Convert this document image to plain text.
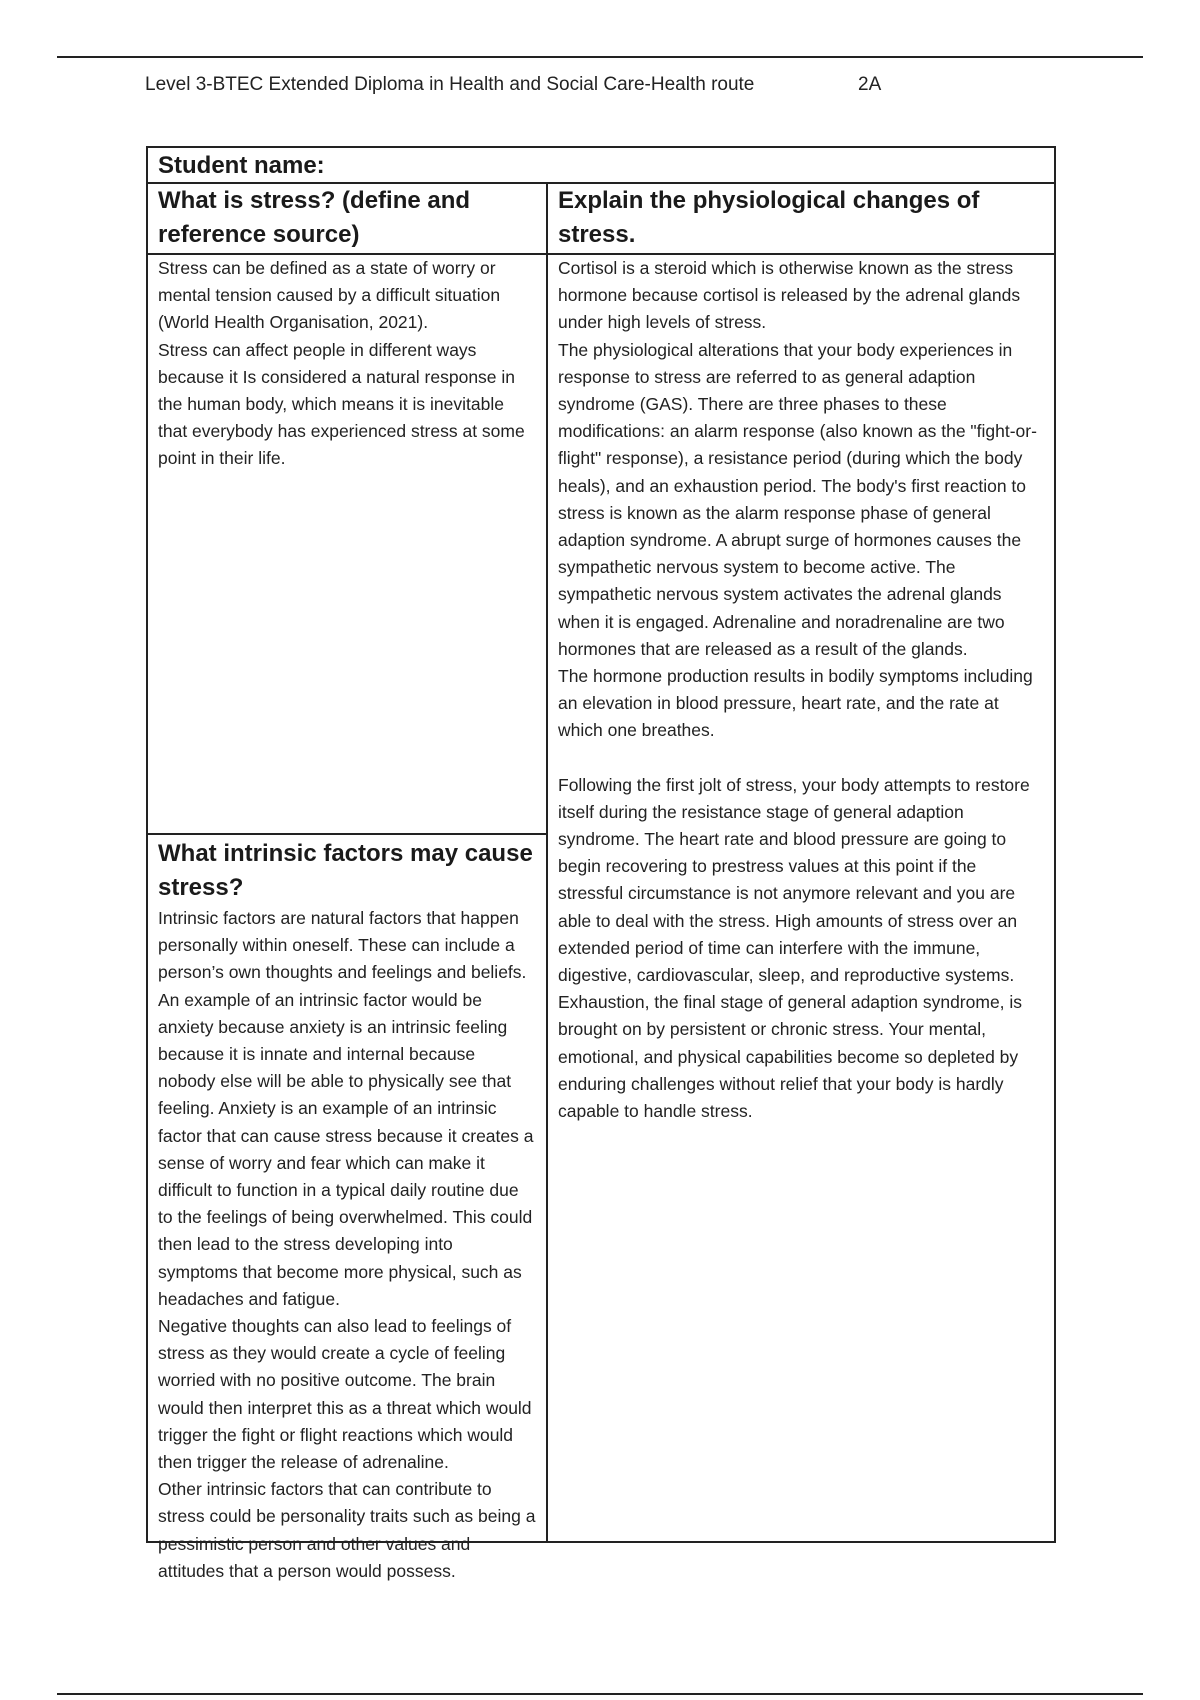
Level 3-BTEC Extended Diploma in Health and Social Care-Health route	2A
Student name:
What is stress? (define and reference source)

Stress can be defined as a state of worry or mental tension caused by a difficult situation (World Health Organisation, 2021).

Stress can affect people in different ways because it Is considered a natural response in the human body, which means it is inevitable that everybody has experienced stress at some point in their life.

What intrinsic factors may cause stress?

Intrinsic factors are natural factors that happen personally within oneself. These can include a person’s own thoughts and feelings and beliefs. An example of an intrinsic factor would be anxiety because anxiety is an intrinsic feeling because it is innate and internal because nobody else will be able to physically see that feeling. Anxiety is an example of an intrinsic factor that can cause stress because it creates a sense of worry and fear which can make it difficult to function in a typical daily routine due to the feelings of being overwhelmed. This could then lead to the stress developing into symptoms that become more physical, such as headaches and fatigue.

Negative thoughts can also lead to feelings of stress as they would create a cycle of feeling worried with no positive outcome. The brain would then interpret this as a threat which would trigger the fight or flight reactions which would then trigger the release of adrenaline.

Other intrinsic factors that can contribute to stress could be personality traits such as being a pessimistic person and other values and attitudes that a person would possess.

Explain the physiological changes of stress.

Cortisol is a steroid which is otherwise known as the stress hormone because cortisol is released by the adrenal glands under high levels of stress.

The physiological alterations that your body experiences in response to stress are referred to as general adaption syndrome (GAS). There are three phases to these modifications: an alarm response (also known as the "fight-or-flight" response), a resistance period (during which the body heals), and an exhaustion period. The body's first reaction to stress is known as the alarm response phase of general adaption syndrome. A abrupt surge of hormones causes the sympathetic nervous system to become active. The sympathetic nervous system activates the adrenal glands when it is engaged. Adrenaline and noradrenaline are two hormones that are released as a result of the glands.

The hormone production results in bodily symptoms including an elevation in blood pressure, heart rate, and the rate at which one breathes.

Following the first jolt of stress, your body attempts to restore itself during the resistance stage of general adaption syndrome. The heart rate and blood pressure are going to begin recovering to prestress values at this point if the stressful circumstance is not anymore relevant and you are able to deal with the stress. High amounts of stress over an extended period of time can interfere with the immune, digestive, cardiovascular, sleep, and reproductive systems. Exhaustion, the final stage of general adaption syndrome, is brought on by persistent or chronic stress. Your mental, emotional, and physical capabilities become so depleted by enduring challenges without relief that your body is hardly capable to handle stress.
